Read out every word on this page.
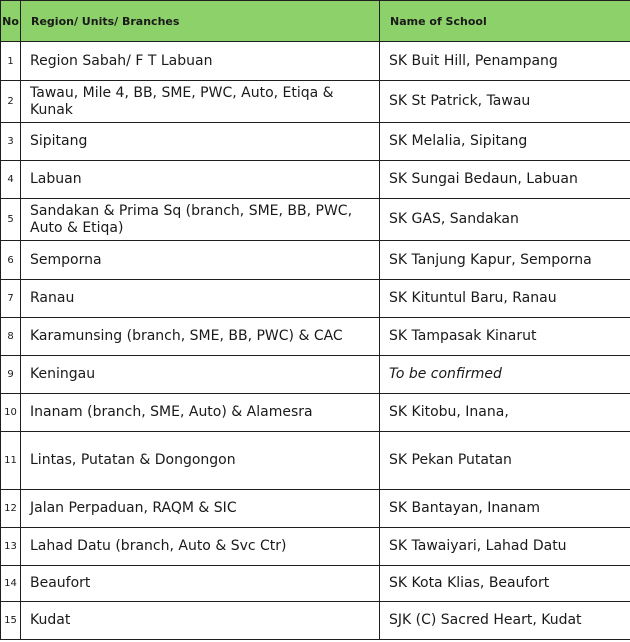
No	Region/ Units/ Branches	Name of School
1	Region Sabah/ F T Labuan	SK Buit Hill, Penampang
2	Tawau, Mile 4, BB, SME, PWC, Auto, Etiqa & Kunak	SK St Patrick, Tawau
3	Sipitang	SK Melalia, Sipitang
4	Labuan	SK Sungai Bedaun, Labuan
5	Sandakan & Prima Sq (branch, SME, BB, PWC, Auto & Etiqa)	SK GAS, Sandakan
6	Semporna	SK Tanjung Kapur, Semporna
7	Ranau	SK Kituntul Baru, Ranau
8	Karamunsing (branch, SME, BB, PWC) & CAC	SK Tampasak Kinarut
9	Keningau	To be confirmed
10	Inanam (branch, SME, Auto) & Alamesra	SK Kitobu, Inana,
11	Lintas, Putatan & Dongongon	SK Pekan Putatan
12	Jalan Perpaduan, RAQM & SIC	SK Bantayan, Inanam
13	Lahad Datu (branch, Auto & Svc Ctr)	SK Tawaiyari, Lahad Datu
14	Beaufort	SK Kota Klias, Beaufort
15	Kudat	SJK (C) Sacred Heart, Kudat
